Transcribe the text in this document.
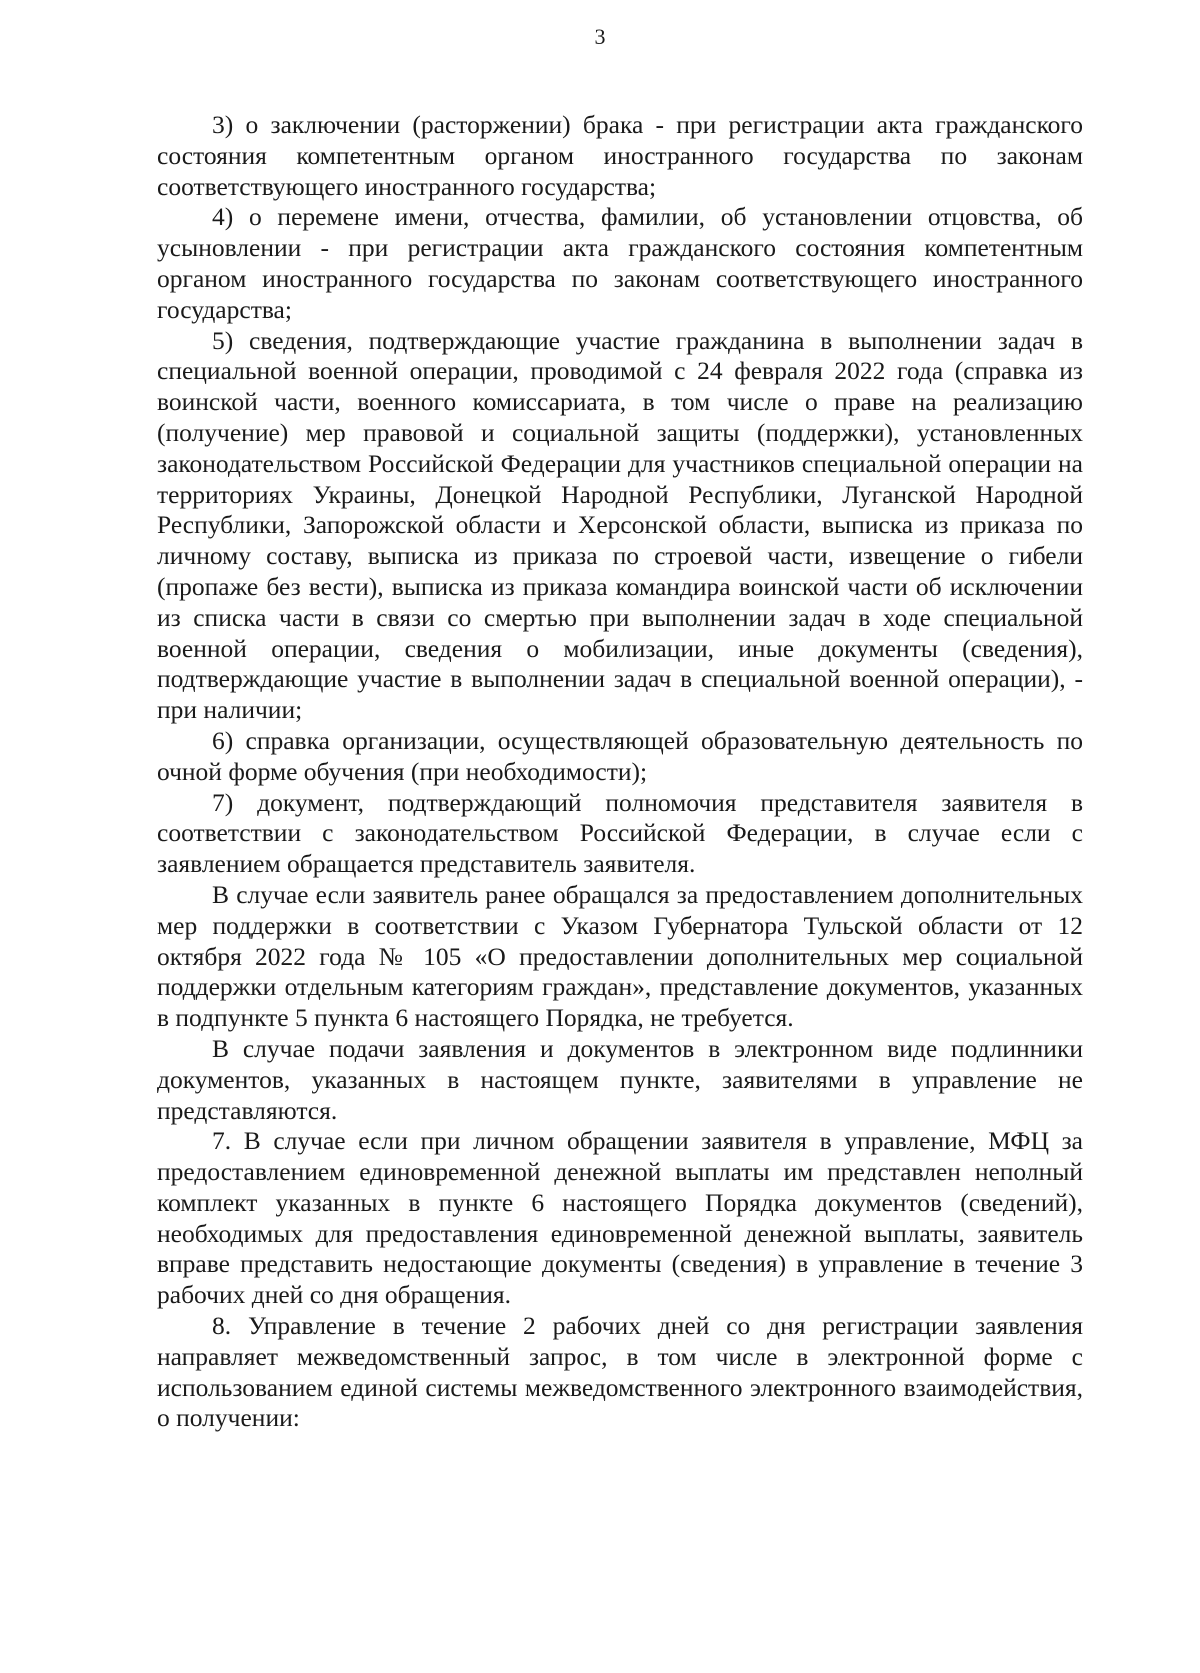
3

3) о заключении (расторжении) брака - при регистрации акта гражданского состояния компетентным органом иностранного государства по законам соответствующего иностранного государства;

4) о перемене имени, отчества, фамилии, об установлении отцовства, об усыновлении - при регистрации акта гражданского состояния компетентным органом иностранного государства по законам соответствующего иностранного государства;

5) сведения, подтверждающие участие гражданина в выполнении задач в специальной военной операции, проводимой с 24 февраля 2022 года (справка из воинской части, военного комиссариата, в том числе о праве на реализацию (получение) мер правовой и социальной защиты (поддержки), установленных законодательством Российской Федерации для участников специальной операции на территориях Украины, Донецкой Народной Республики, Луганской Народной Республики, Запорожской области и Херсонской области, выписка из приказа по личному составу, выписка из приказа по строевой части, извещение о гибели (пропаже без вести), выписка из приказа командира воинской части об исключении из списка части в связи со смертью при выполнении задач в ходе специальной военной операции, сведения о мобилизации, иные документы (сведения), подтверждающие участие в выполнении задач в специальной военной операции), - при наличии;

6) справка организации, осуществляющей образовательную деятельность по очной форме обучения (при необходимости);

7) документ, подтверждающий полномочия представителя заявителя в соответствии с законодательством Российской Федерации, в случае если с заявлением обращается представитель заявителя.

В случае если заявитель ранее обращался за предоставлением дополнительных мер поддержки в соответствии с Указом Губернатора Тульской области от 12 октября 2022 года № 105 «О предоставлении дополнительных мер социальной поддержки отдельным категориям граждан», представление документов, указанных в подпункте 5 пункта 6 настоящего Порядка, не требуется.

В случае подачи заявления и документов в электронном виде подлинники документов, указанных в настоящем пункте, заявителями в управление не представляются.

7. В случае если при личном обращении заявителя в управление, МФЦ за предоставлением единовременной денежной выплаты им представлен неполный комплект указанных в пункте 6 настоящего Порядка документов (сведений), необходимых для предоставления единовременной денежной выплаты, заявитель вправе представить недостающие документы (сведения) в управление в течение 3 рабочих дней со дня обращения.

8. Управление в течение 2 рабочих дней со дня регистрации заявления направляет межведомственный запрос, в том числе в электронной форме с использованием единой системы межведомственного электронного взаимодействия, о получении:
